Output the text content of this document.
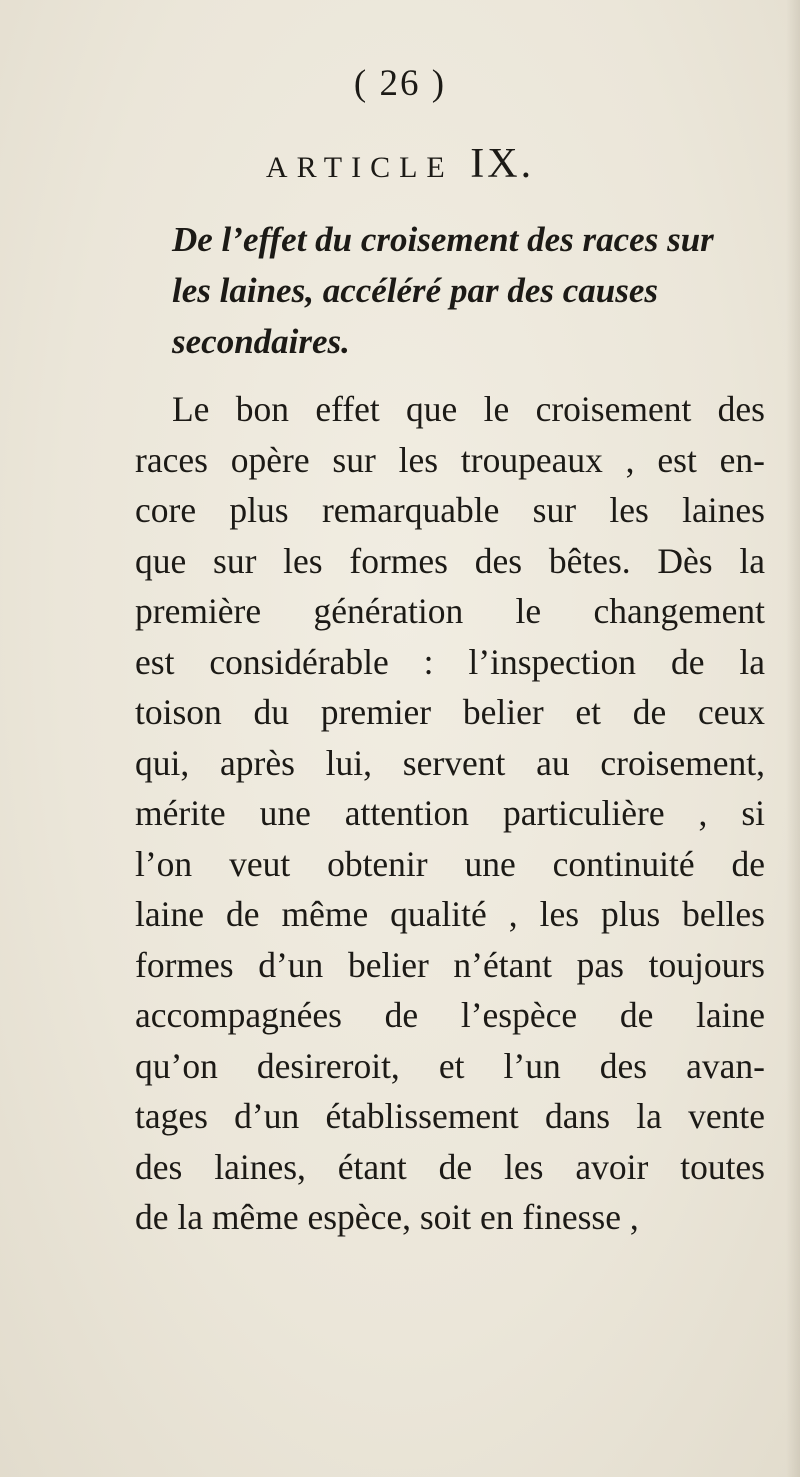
( 26 )
ARTICLE IX.
De l’effet du croisement des races sur
les laines, accéléré par des causes
secondaires.
Le bon effet que le croisement des
races opère sur les troupeaux , est en-
core plus remarquable sur les laines
que sur les formes des bêtes. Dès la
première génération le changement
est considérable : l’inspection de la
toison du premier belier et de ceux
qui, après lui, servent au croisement,
mérite une attention particulière , si
l’on veut obtenir une continuité de
laine de même qualité , les plus belles
formes d’un belier n’étant pas toujours
accompagnées de l’espèce de laine
qu’on desireroit, et l’un des avan-
tages d’un établissement dans la vente
des laines, étant de les avoir toutes
de la même espèce, soit en finesse ,
